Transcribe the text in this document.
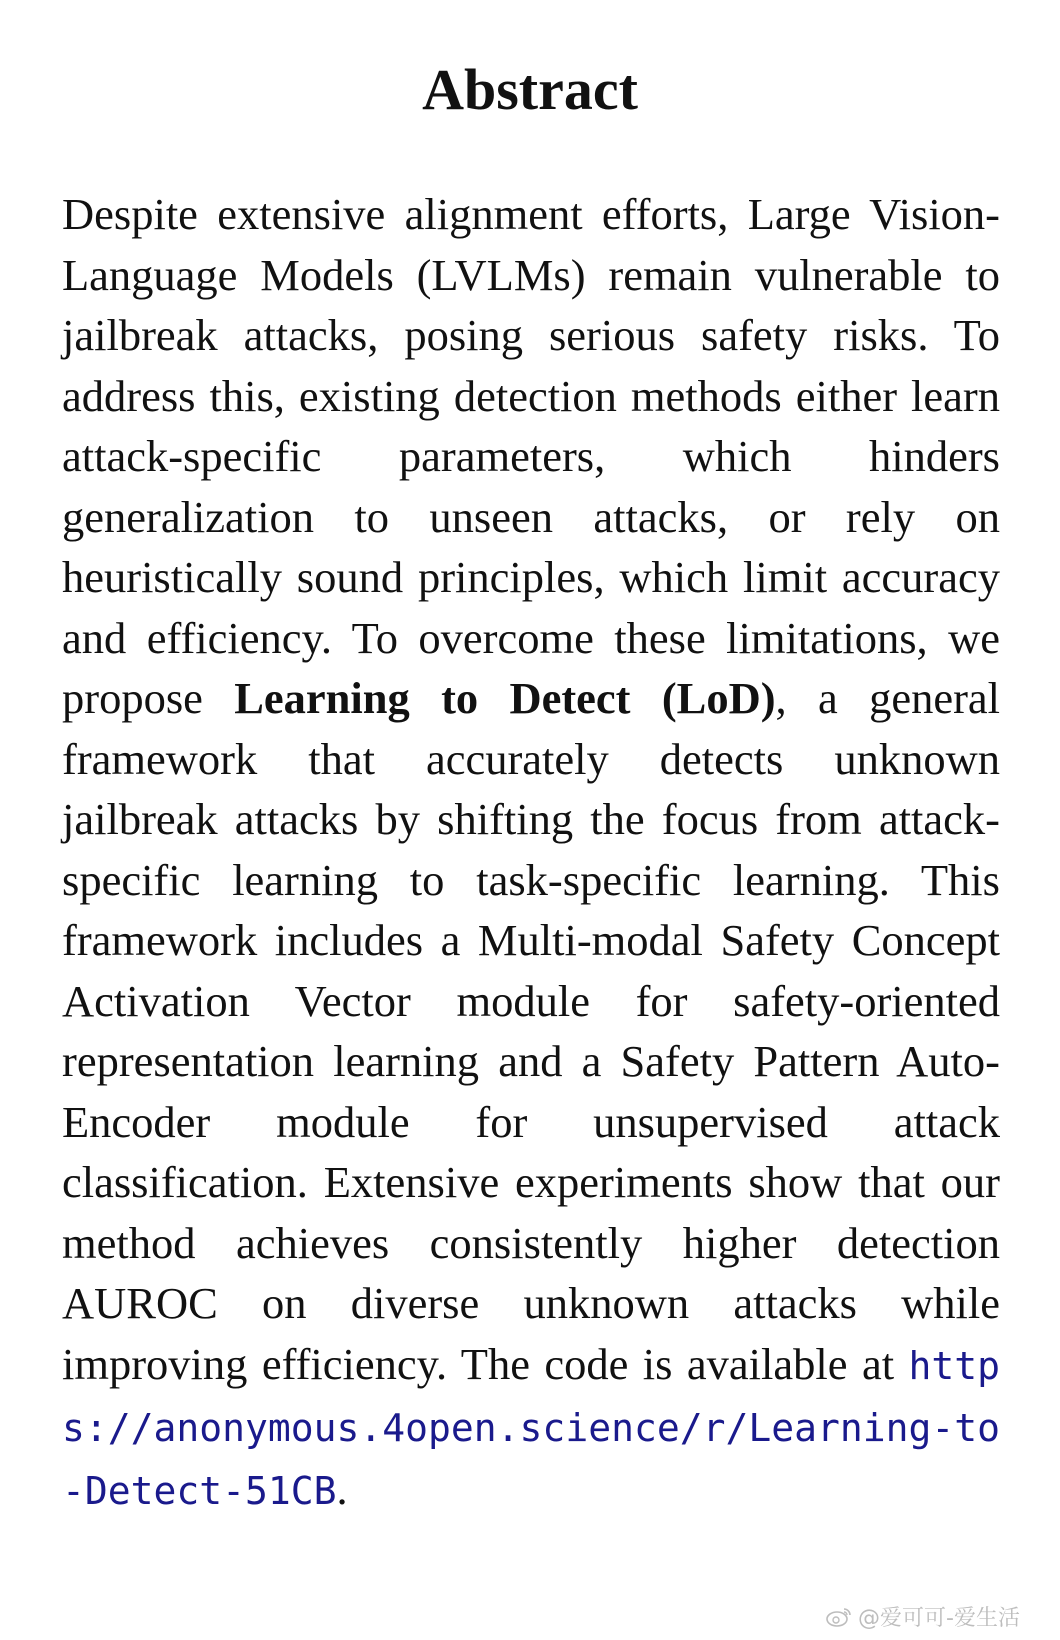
Abstract

Despite extensive alignment efforts, Large Vision-Language Models (LVLMs) remain vulnerable to jailbreak attacks, posing serious safety risks. To address this, existing detection methods either learn attack-specific parameters, which hinders generalization to unseen attacks, or rely on heuristically sound principles, which limit accuracy and efficiency. To overcome these limitations, we propose Learning to Detect (LoD), a general framework that accurately detects unknown jailbreak attacks by shifting the focus from attack-specific learning to task-specific learning. This framework includes a Multi-modal Safety Concept Activation Vector module for safety-oriented representation learning and a Safety Pattern Auto-Encoder module for unsupervised attack classification. Extensive experiments show that our method achieves consistently higher detection AUROC on diverse unknown attacks while improving efficiency. The code is available at https://anonymous.4open.science/r/Learning-to-Detect-51CB.

@爱可可-爱生活
